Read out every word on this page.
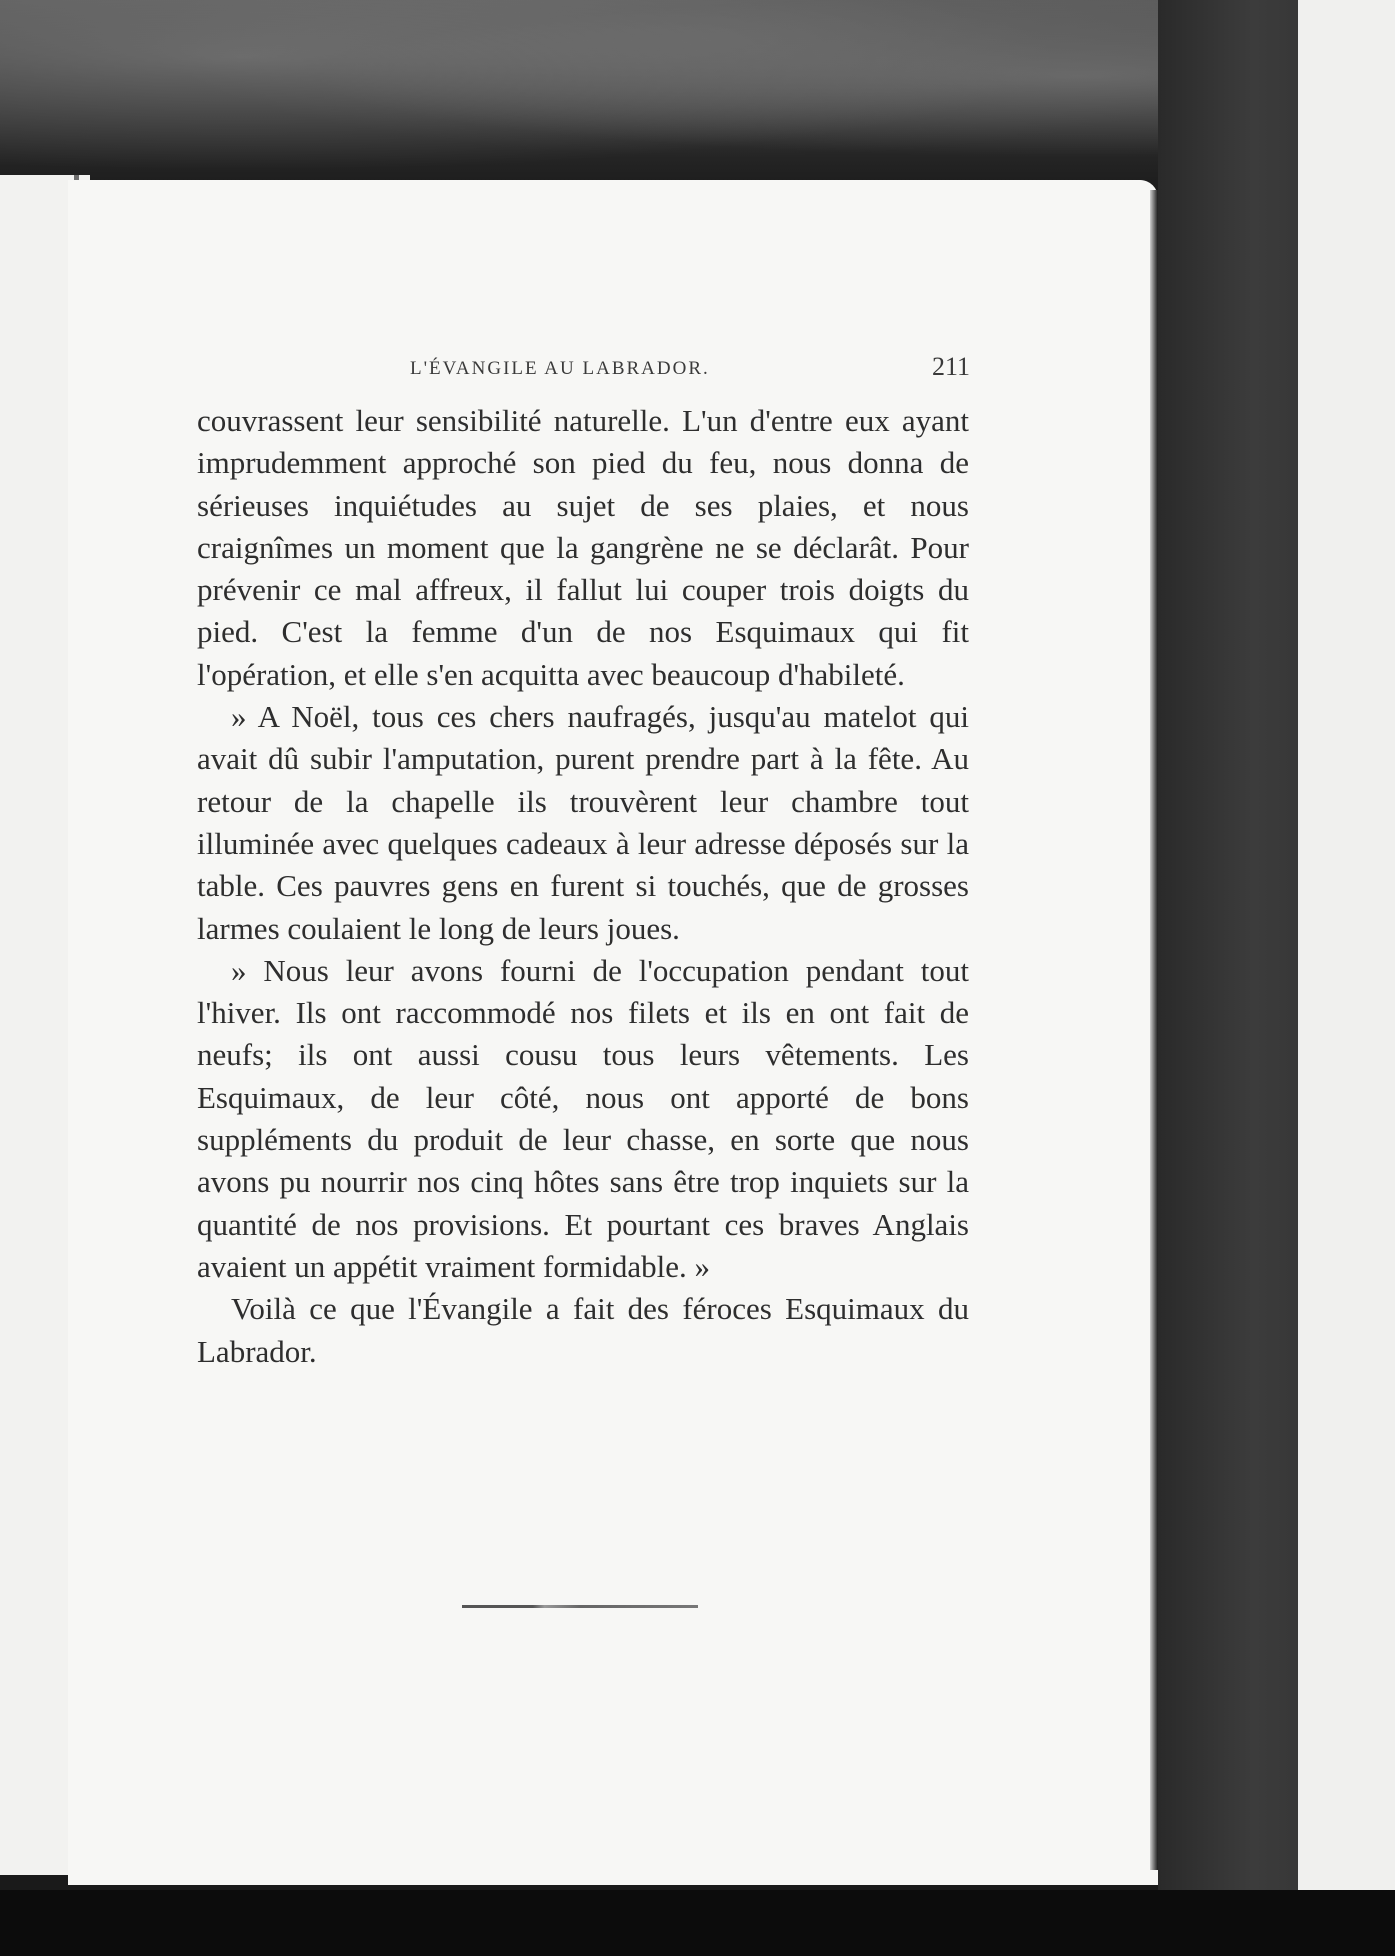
L'ÉVANGILE AU LABRADOR.	211

couvrassent leur sensibilité naturelle. L'un d'entre eux ayant imprudemment approché son pied du feu, nous donna de sérieuses inquiétudes au sujet de ses plaies, et nous craignîmes un moment que la gangrène ne se déclarât. Pour prévenir ce mal affreux, il fallut lui couper trois doigts du pied. C'est la femme d'un de nos Esquimaux qui fit l'opération, et elle s'en acquitta avec beaucoup d'habileté.

» A Noël, tous ces chers naufragés, jusqu'au matelot qui avait dû subir l'amputation, purent prendre part à la fête. Au retour de la chapelle ils trouvèrent leur chambre tout illuminée avec quelques cadeaux à leur adresse déposés sur la table. Ces pauvres gens en furent si touchés, que de grosses larmes coulaient le long de leurs joues.

» Nous leur avons fourni de l'occupation pendant tout l'hiver. Ils ont raccommodé nos filets et ils en ont fait de neufs; ils ont aussi cousu tous leurs vêtements. Les Esquimaux, de leur côté, nous ont apporté de bons suppléments du produit de leur chasse, en sorte que nous avons pu nourrir nos cinq hôtes sans être trop inquiets sur la quantité de nos provisions. Et pourtant ces braves Anglais avaient un appétit vraiment formidable. »

Voilà ce que l'Évangile a fait des féroces Esquimaux du Labrador.
